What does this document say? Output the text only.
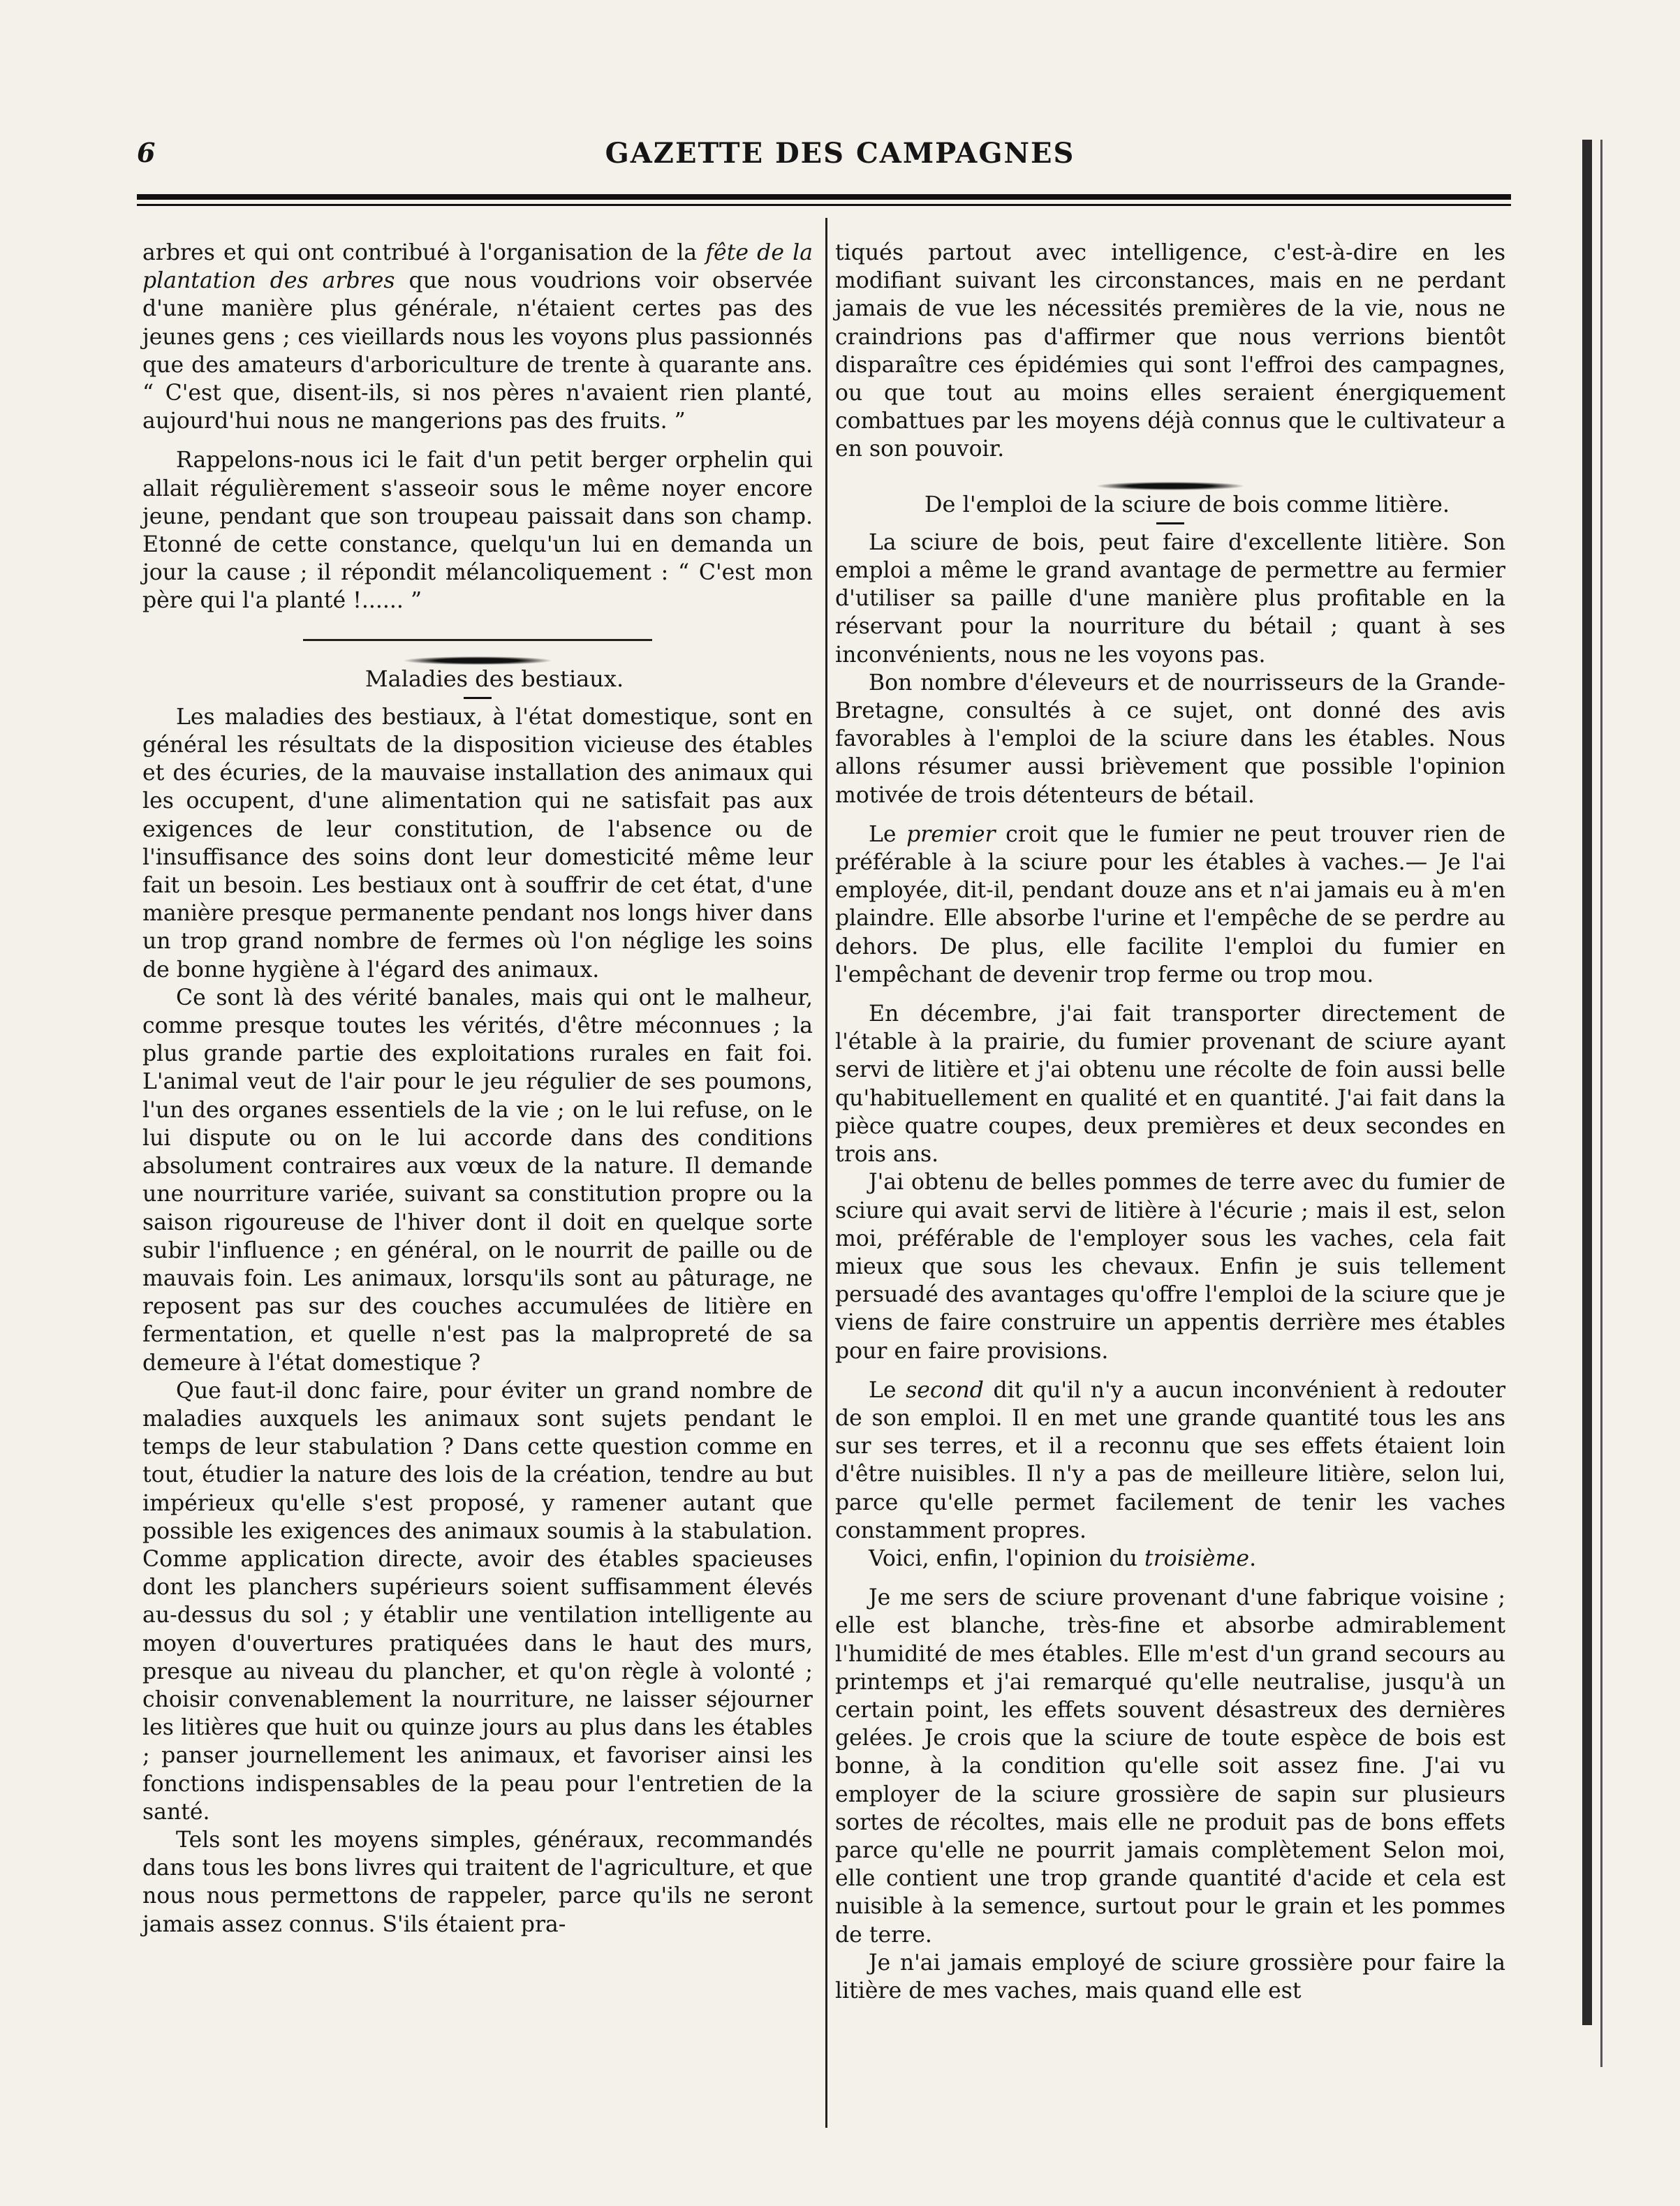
6	GAZETTE DES CAMPAGNES

arbres et qui ont contribué à l'organisation de la fête de la plantation des arbres que nous voudrions voir observée d'une manière plus générale, n'étaient certes pas des jeunes gens ; ces vieillards nous les voyons plus passionnés que des amateurs d'arboriculture de trente à quarante ans. “ C'est que, disent-ils, si nos pères n'avaient rien planté, aujourd'hui nous ne mangerions pas des fruits. ”

Rappelons-nous ici le fait d'un petit berger orphelin qui allait régulièrement s'asseoir sous le même noyer encore jeune, pendant que son troupeau paissait dans son champ. Etonné de cette constance, quelqu'un lui en demanda un jour la cause ; il répondit mélancoliquement : “ C'est mon père qui l'a planté !...... ”

Maladies des bestiaux.

Les maladies des bestiaux, à l'état domestique, sont en général les résultats de la disposition vicieuse des étables et des écuries, de la mauvaise installation des animaux qui les occupent, d'une alimentation qui ne satisfait pas aux exigences de leur constitution, de l'absence ou de l'insuffisance des soins dont leur domesticité même leur fait un besoin. Les bestiaux ont à souffrir de cet état, d'une manière presque permanente pendant nos longs hiver dans un trop grand nombre de fermes où l'on néglige les soins de bonne hygiène à l'égard des animaux.

Ce sont là des vérité banales, mais qui ont le malheur, comme presque toutes les vérités, d'être méconnues ; la plus grande partie des exploitations rurales en fait foi. L'animal veut de l'air pour le jeu régulier de ses poumons, l'un des organes essentiels de la vie ; on le lui refuse, on le lui dispute ou on le lui accorde dans des conditions absolument contraires aux vœux de la nature. Il demande une nourriture variée, suivant sa constitution propre ou la saison rigoureuse de l'hiver dont il doit en quelque sorte subir l'influence ; en général, on le nourrit de paille ou de mauvais foin. Les animaux, lorsqu'ils sont au pâturage, ne reposent pas sur des couches accumulées de litière en fermentation, et quelle n'est pas la malpropreté de sa demeure à l'état domestique ?

Que faut-il donc faire, pour éviter un grand nombre de maladies auxquels les animaux sont sujets pendant le temps de leur stabulation ? Dans cette question comme en tout, étudier la nature des lois de la création, tendre au but impérieux qu'elle s'est proposé, y ramener autant que possible les exigences des animaux soumis à la stabulation. Comme application directe, avoir des étables spacieuses dont les planchers supérieurs soient suffisamment élevés au-dessus du sol ; y établir une ventilation intelligente au moyen d'ouvertures pratiquées dans le haut des murs, presque au niveau du plancher, et qu'on règle à volonté ; choisir convenablement la nourriture, ne laisser séjourner les litières que huit ou quinze jours au plus dans les étables ; panser journellement les animaux, et favoriser ainsi les fonctions indispensables de la peau pour l'entretien de la santé.

Tels sont les moyens simples, généraux, recommandés dans tous les bons livres qui traitent de l'agriculture, et que nous nous permettons de rappeler, parce qu'ils ne seront jamais assez connus. S'ils étaient pra-

tiqués partout avec intelligence, c'est-à-dire en les modifiant suivant les circonstances, mais en ne perdant jamais de vue les nécessités premières de la vie, nous ne craindrions pas d'affirmer que nous verrions bientôt disparaître ces épidémies qui sont l'effroi des campagnes, ou que tout au moins elles seraient énergiquement combattues par les moyens déjà connus que le cultivateur a en son pouvoir.

De l'emploi de la sciure de bois comme litière.

La sciure de bois, peut faire d'excellente litière. Son emploi a même le grand avantage de permettre au fermier d'utiliser sa paille d'une manière plus profitable en la réservant pour la nourriture du bétail ; quant à ses inconvénients, nous ne les voyons pas.

Bon nombre d'éleveurs et de nourrisseurs de la Grande-Bretagne, consultés à ce sujet, ont donné des avis favorables à l'emploi de la sciure dans les étables. Nous allons résumer aussi brièvement que possible l'opinion motivée de trois détenteurs de bétail.

Le premier croit que le fumier ne peut trouver rien de préférable à la sciure pour les étables à vaches.— Je l'ai employée, dit-il, pendant douze ans et n'ai jamais eu à m'en plaindre. Elle absorbe l'urine et l'empêche de se perdre au dehors. De plus, elle facilite l'emploi du fumier en l'empêchant de devenir trop ferme ou trop mou.

En décembre, j'ai fait transporter directement de l'étable à la prairie, du fumier provenant de sciure ayant servi de litière et j'ai obtenu une récolte de foin aussi belle qu'habituellement en qualité et en quantité. J'ai fait dans la pièce quatre coupes, deux premières et deux secondes en trois ans.

J'ai obtenu de belles pommes de terre avec du fumier de sciure qui avait servi de litière à l'écurie ; mais il est, selon moi, préférable de l'employer sous les vaches, cela fait mieux que sous les chevaux. Enfin je suis tellement persuadé des avantages qu'offre l'emploi de la sciure que je viens de faire construire un appentis derrière mes étables pour en faire provisions.

Le second dit qu'il n'y a aucun inconvénient à redouter de son emploi. Il en met une grande quantité tous les ans sur ses terres, et il a reconnu que ses effets étaient loin d'être nuisibles. Il n'y a pas de meilleure litière, selon lui, parce qu'elle permet facilement de tenir les vaches constamment propres.

Voici, enfin, l'opinion du troisième.

Je me sers de sciure provenant d'une fabrique voisine ; elle est blanche, très-fine et absorbe admirablement l'humidité de mes étables. Elle m'est d'un grand secours au printemps et j'ai remarqué qu'elle neutralise, jusqu'à un certain point, les effets souvent désastreux des dernières gelées. Je crois que la sciure de toute espèce de bois est bonne, à la condition qu'elle soit assez fine. J'ai vu employer de la sciure grossière de sapin sur plusieurs sortes de récoltes, mais elle ne produit pas de bons effets parce qu'elle ne pourrit jamais complètement Selon moi, elle contient une trop grande quantité d'acide et cela est nuisible à la semence, surtout pour le grain et les pommes de terre.

Je n'ai jamais employé de sciure grossière pour faire la litière de mes vaches, mais quand elle est
